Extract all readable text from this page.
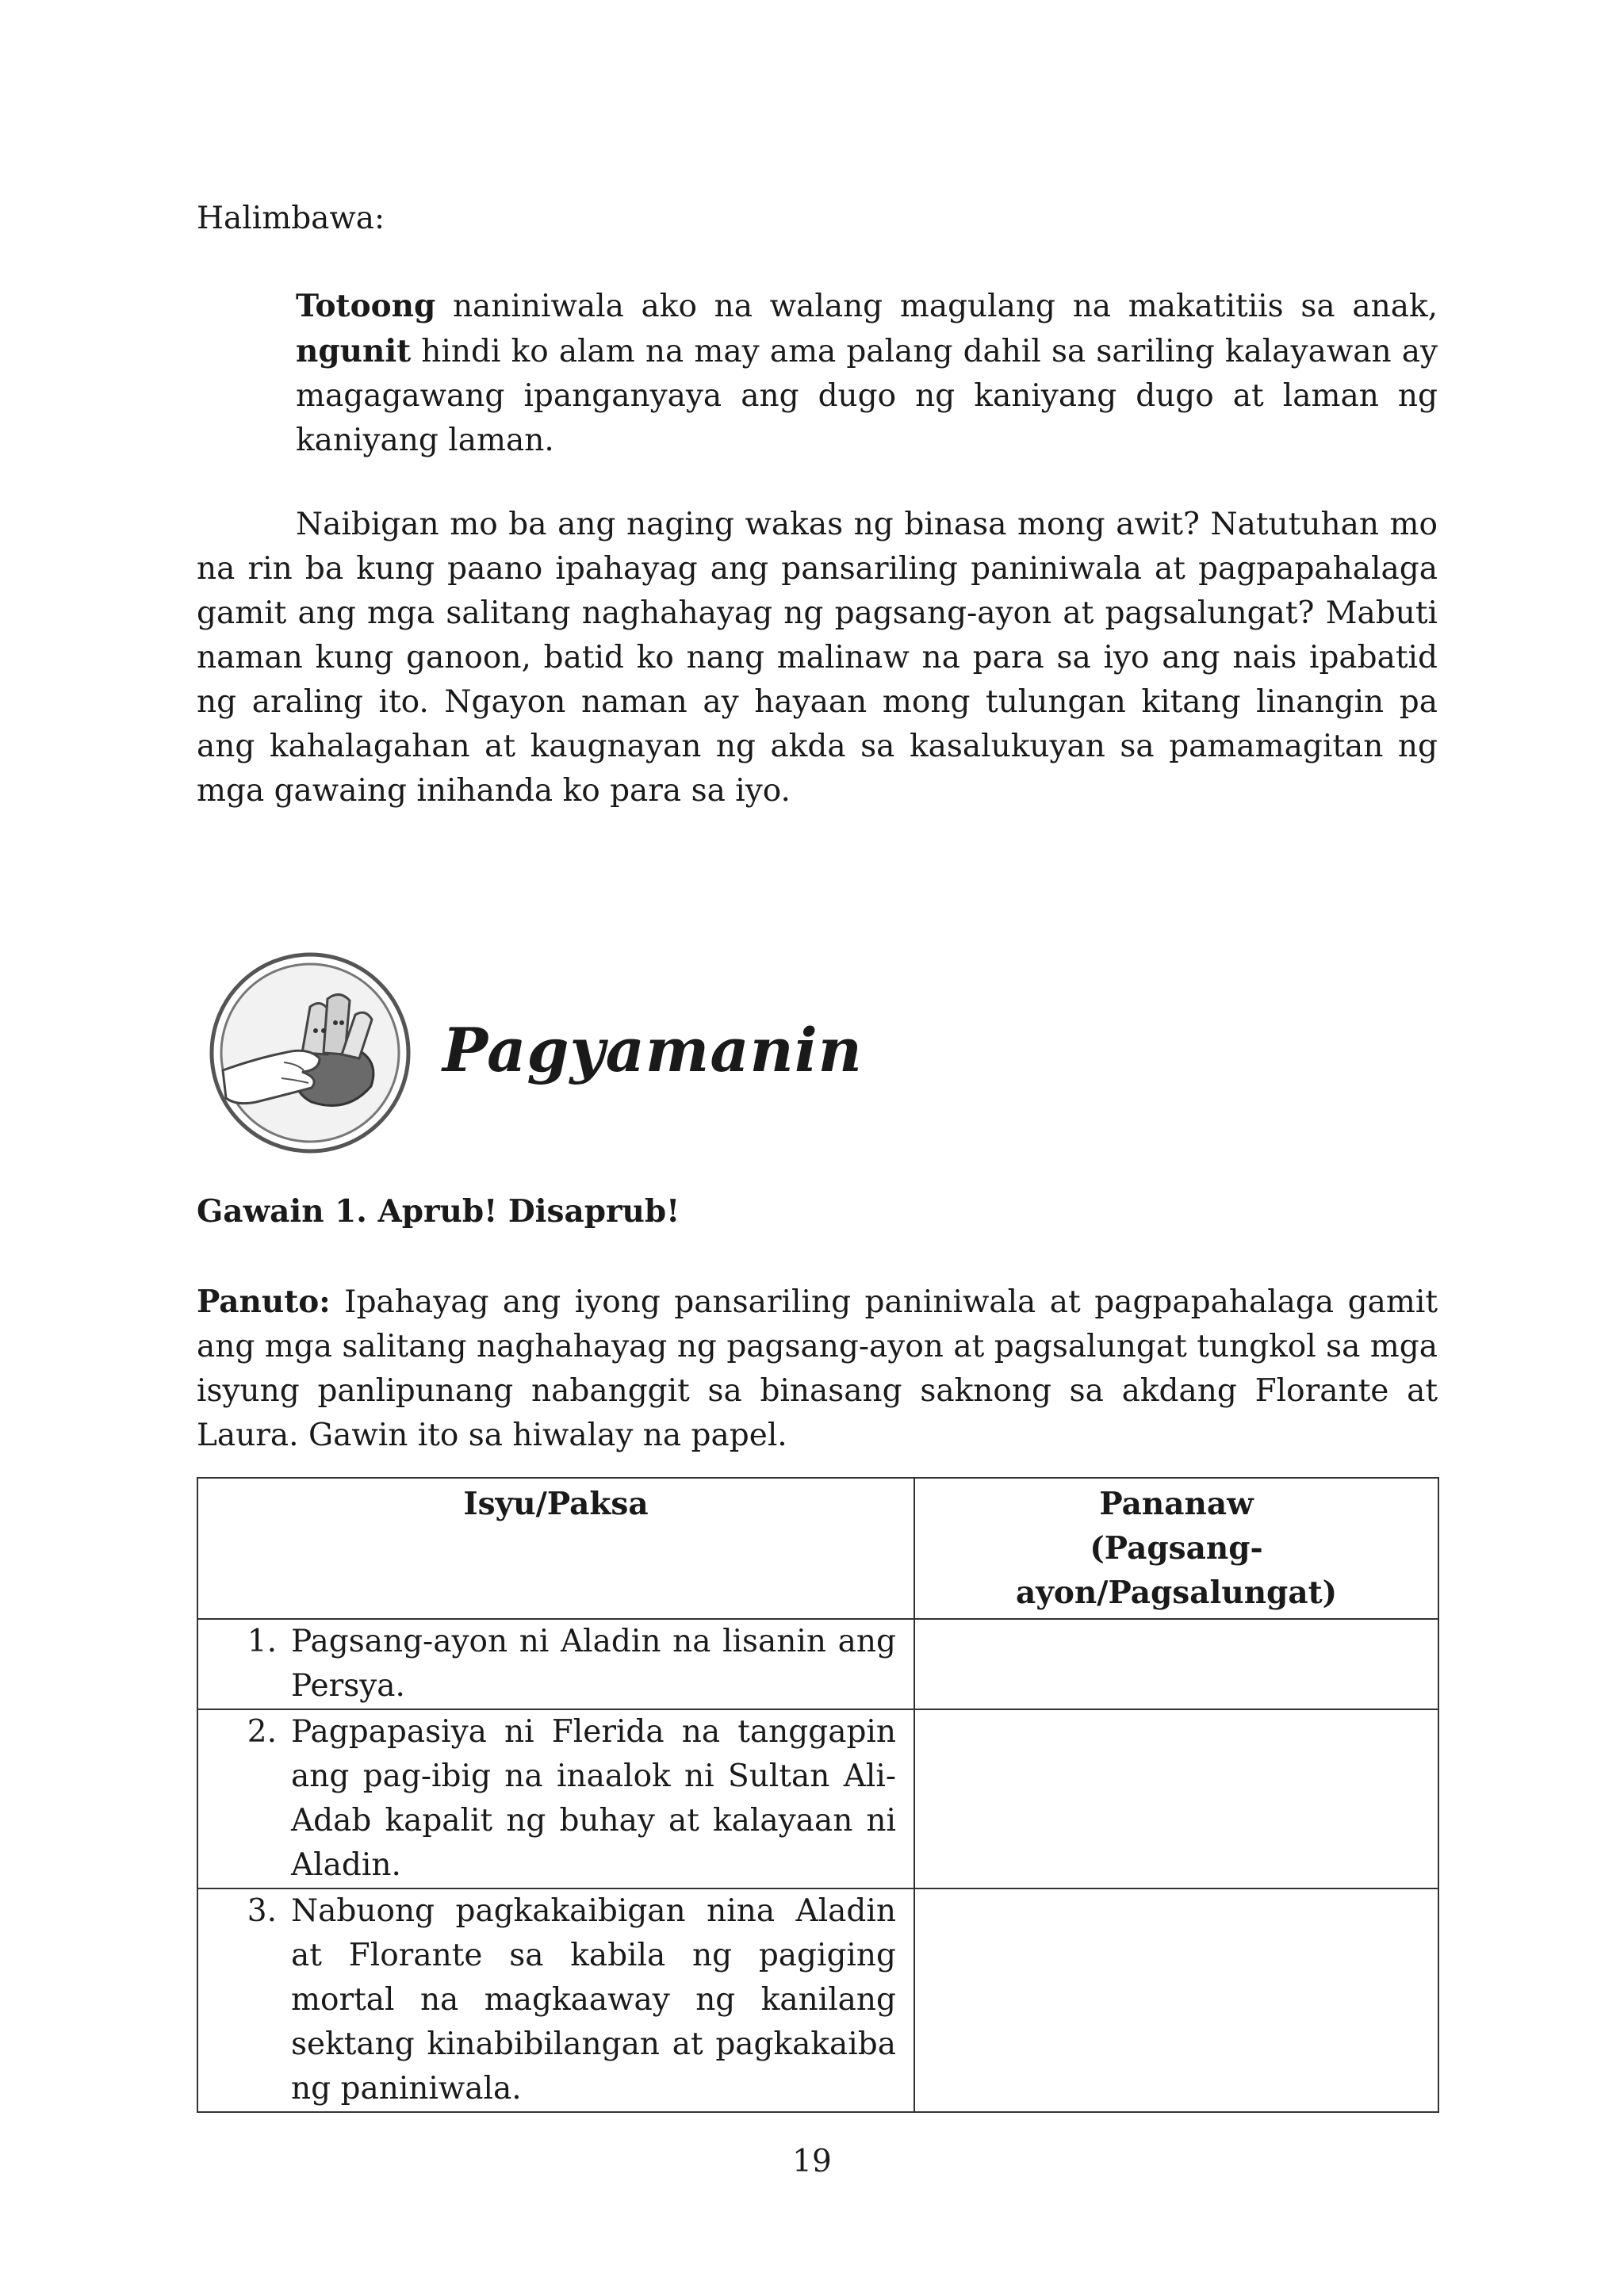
Halimbawa:
Totoong naniniwala ako na walang magulang na makatitiis sa anak, ngunit hindi ko alam na may ama palang dahil sa sariling kalayawan ay magagawang ipanganyaya ang dugo ng kaniyang dugo at laman ng kaniyang laman.
Naibigan mo ba ang naging wakas ng binasa mong awit? Natutuhan mo na rin ba kung paano ipahayag ang pansariling paniniwala at pagpapahalaga gamit ang mga salitang naghahayag ng pagsang-ayon at pagsalungat? Mabuti naman kung ganoon, batid ko nang malinaw na para sa iyo ang nais ipabatid ng araling ito. Ngayon naman ay hayaan mong tulungan kitang linangin pa ang kahalagahan at kaugnayan ng akda sa kasalukuyan sa pamamagitan ng mga gawaing inihanda ko para sa iyo.
Pagyamanin
Gawain 1. Aprub! Disaprub!
Panuto: Ipahayag ang iyong pansariling paniniwala at pagpapahalaga gamit ang mga salitang naghahayag ng pagsang-ayon at pagsalungat tungkol sa mga isyung panlipunang nabanggit sa binasang saknong sa akdang Florante at Laura. Gawin ito sa hiwalay na papel.
Isyu/Paksa	Pananaw
(Pagsang-ayon/Pagsalungat)

1. Pagsang-ayon ni Aladin na lisanin ang Persya.	

2. Pagpapasiya ni Flerida na tanggapin ang pag-ibig na inaalok ni Sultan Ali-Adab kapalit ng buhay at kalayaan ni Aladin.	

3. Nabuong pagkakaibigan nina Aladin at Florante sa kabila ng pagiging mortal na magkaaway ng kanilang sektang kinabibilangan at pagkakaiba ng paniniwala.	

19
